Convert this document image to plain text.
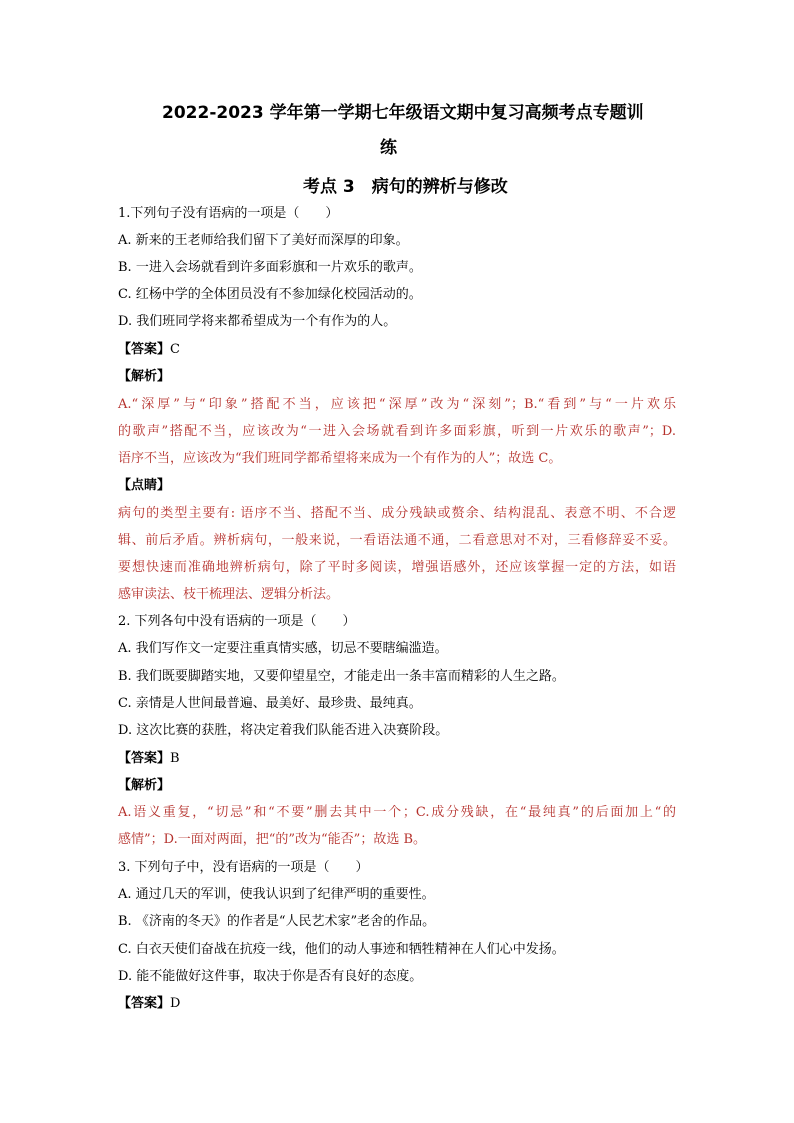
2022-2023 学年第一学期七年级语文期中复习高频考点专题训
练
考点 3　病句的辨析与修改
1.下列句子没有语病的一项是（　　）
A. 新来的王老师给我们留下了美好而深厚的印象。
B. 一进入会场就看到许多面彩旗和一片欢乐的歌声。
C. 红杨中学的全体团员没有不参加绿化校园活动的。
D. 我们班同学将来都希望成为一个有作为的人。
【答案】C
【解析】
A.“深厚”与“印象”搭配不当，应该把“深厚”改为“深刻”；B.“看到”与“一片欢乐
的歌声”搭配不当，应该改为“一进入会场就看到许多面彩旗，听到一片欢乐的歌声”；D.
语序不当，应该改为“我们班同学都希望将来成为一个有作为的人”；故选 C。
【点睛】
病句的类型主要有: 语序不当、搭配不当、成分残缺或赘余、结构混乱、表意不明、不合逻
辑、前后矛盾。辨析病句，一般来说，一看语法通不通，二看意思对不对，三看修辞妥不妥。
要想快速而准确地辨析病句，除了平时多阅读，增强语感外，还应该掌握一定的方法，如语
感审读法、枝干梳理法、逻辑分析法。
2. 下列各句中没有语病的一项是（　　）
A. 我们写作文一定要注重真情实感，切忌不要瞎编滥造。
B. 我们既要脚踏实地，又要仰望星空，才能走出一条丰富而精彩的人生之路。
C. 亲情是人世间最普遍、最美好、最珍贵、最纯真。
D. 这次比赛的获胜，将决定着我们队能否进入决赛阶段。
【答案】B
【解析】
A.语义重复，“切忌”和“不要”删去其中一个；C.成分残缺，在“最纯真”的后面加上“的
感情”；D.一面对两面，把“的”改为“能否”；故选 B。
3. 下列句子中，没有语病的一项是（　　）
A. 通过几天的军训，使我认识到了纪律严明的重要性。
B. 《济南的冬天》的作者是“人民艺术家”老舍的作品。
C. 白衣天使们奋战在抗疫一线，他们的动人事迹和牺牲精神在人们心中发扬。
D. 能不能做好这件事，取决于你是否有良好的态度。
【答案】D
